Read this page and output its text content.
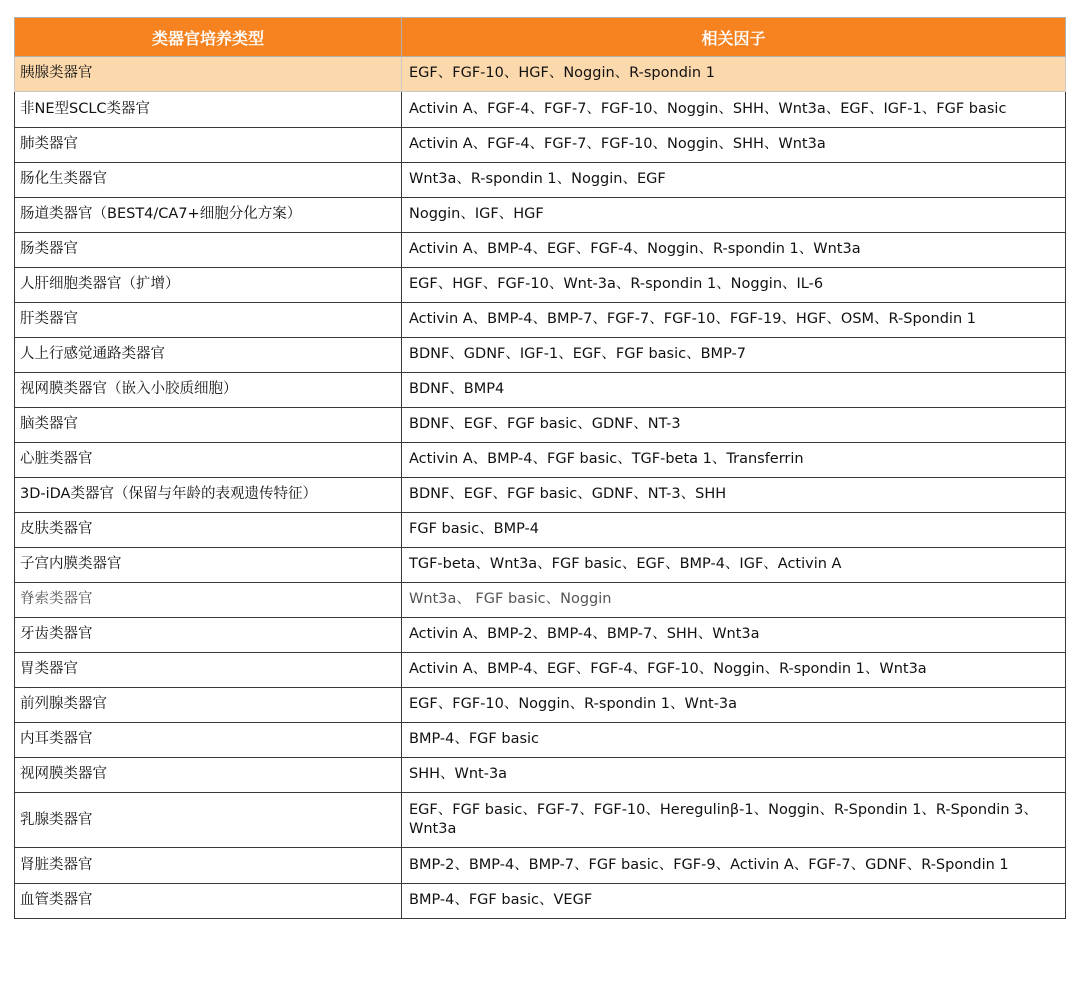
类器官培养类型	相关因子
胰腺类器官	EGF、FGF-10、HGF、Noggin、R-spondin 1
非NE型SCLC类器官	Activin A、FGF-4、FGF-7、FGF-10、Noggin、SHH、Wnt3a、EGF、IGF-1、FGF basic
肺类器官	Activin A、FGF-4、FGF-7、FGF-10、Noggin、SHH、Wnt3a
肠化生类器官	Wnt3a、R-spondin 1、Noggin、EGF
肠道类器官（BEST4/CA7+细胞分化方案）	Noggin、IGF、HGF
肠类器官	Activin A、BMP-4、EGF、FGF-4、Noggin、R-spondin 1、Wnt3a
人肝细胞类器官（扩增）	EGF、HGF、FGF-10、Wnt-3a、R-spondin 1、Noggin、IL-6
肝类器官	Activin A、BMP-4、BMP-7、FGF-7、FGF-10、FGF-19、HGF、OSM、R-Spondin 1
人上行感觉通路类器官	BDNF、GDNF、IGF-1、EGF、FGF basic、BMP-7
视网膜类器官（嵌入小胶质细胞）	BDNF、BMP4
脑类器官	BDNF、EGF、FGF basic、GDNF、NT-3
心脏类器官	Activin A、BMP-4、FGF basic、TGF-beta 1、Transferrin
3D-iDA类器官（保留与年龄的表观遗传特征）	BDNF、EGF、FGF basic、GDNF、NT-3、SHH
皮肤类器官	FGF basic、BMP-4
子宫内膜类器官	TGF-beta、Wnt3a、FGF basic、EGF、BMP-4、IGF、Activin A
脊索类器官	Wnt3a、 FGF basic、Noggin
牙齿类器官	Activin A、BMP-2、BMP-4、BMP-7、SHH、Wnt3a
胃类器官	Activin A、BMP-4、EGF、FGF-4、FGF-10、Noggin、R-spondin 1、Wnt3a
前列腺类器官	EGF、FGF-10、Noggin、R-spondin 1、Wnt-3a
内耳类器官	BMP-4、FGF basic
视网膜类器官	SHH、Wnt-3a
乳腺类器官	EGF、FGF basic、FGF-7、FGF-10、Heregulinβ-1、Noggin、R-Spondin 1、R-Spondin 3、Wnt3a
肾脏类器官	BMP-2、BMP-4、BMP-7、FGF basic、FGF-9、Activin A、FGF-7、GDNF、R-Spondin 1
血管类器官	BMP-4、FGF basic、VEGF
